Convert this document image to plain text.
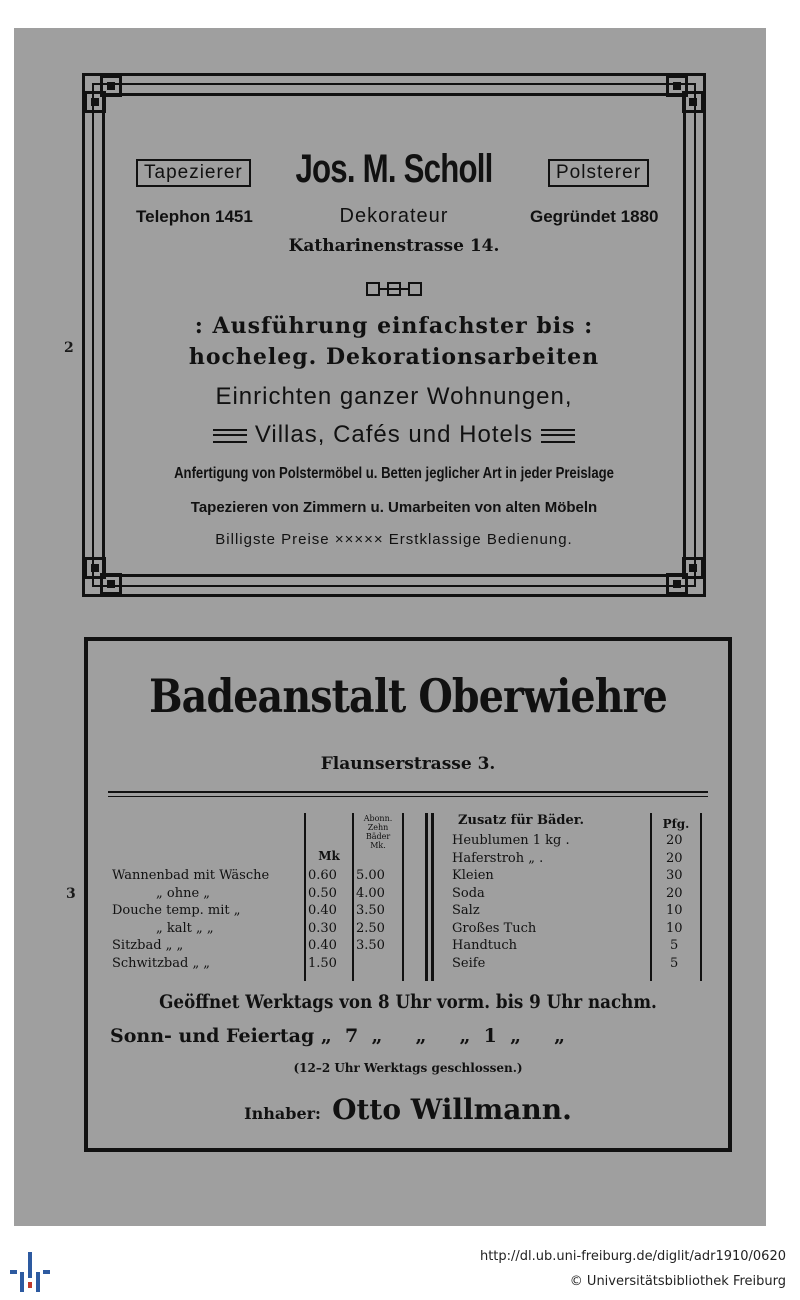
2
3
Tapezierer	Jos. M. Scholl	Polsterer
Telephon 1451	Dekorateur	Gegründet 1880
Katharinenstrasse 14.
: Ausführung einfachster bis :
hocheleg. Dekorationsarbeiten
Einrichten ganzer Wohnungen,
Villas, Cafés und Hotels
Anfertigung von Polstermöbel u. Betten jeglicher Art in jeder Preislage
Tapezieren von Zimmern u. Umarbeiten von alten Möbeln
Billigste Preise ××××× Erstklassige Bedienung.
Badeanstalt Oberwiehre
Flaunserstrasse 3.
Abonn.
Zehn
Bäder
Mk.
Mk
Wannenbad mit Wäsche	0.60 5.00
„ ohne „	0.50 4.00
Douche temp. mit „	0.40 3.50
„ kalt „ „	0.30 2.50
Sitzbad „ „	0.40 3.50
Schwitzbad „ „	1.50
Zusatz für Bäder.	Pfg.
Heublumen 1 kg .	20
Haferstroh „ .	20
Kleien	30
Soda	20
Salz	10
Großes Tuch	10
Handtuch	5
Seife	5
Geöffnet Werktags von 8 Uhr vorm. bis 9 Uhr nachm.
Sonn- und Feiertag „  7  „     „     „  1  „     „
(12–2 Uhr Werktags geschlossen.)
Inhaber: Otto Willmann.
http://dl.ub.uni-freiburg.de/diglit/adr1910/0620
© Universitätsbibliothek Freiburg
